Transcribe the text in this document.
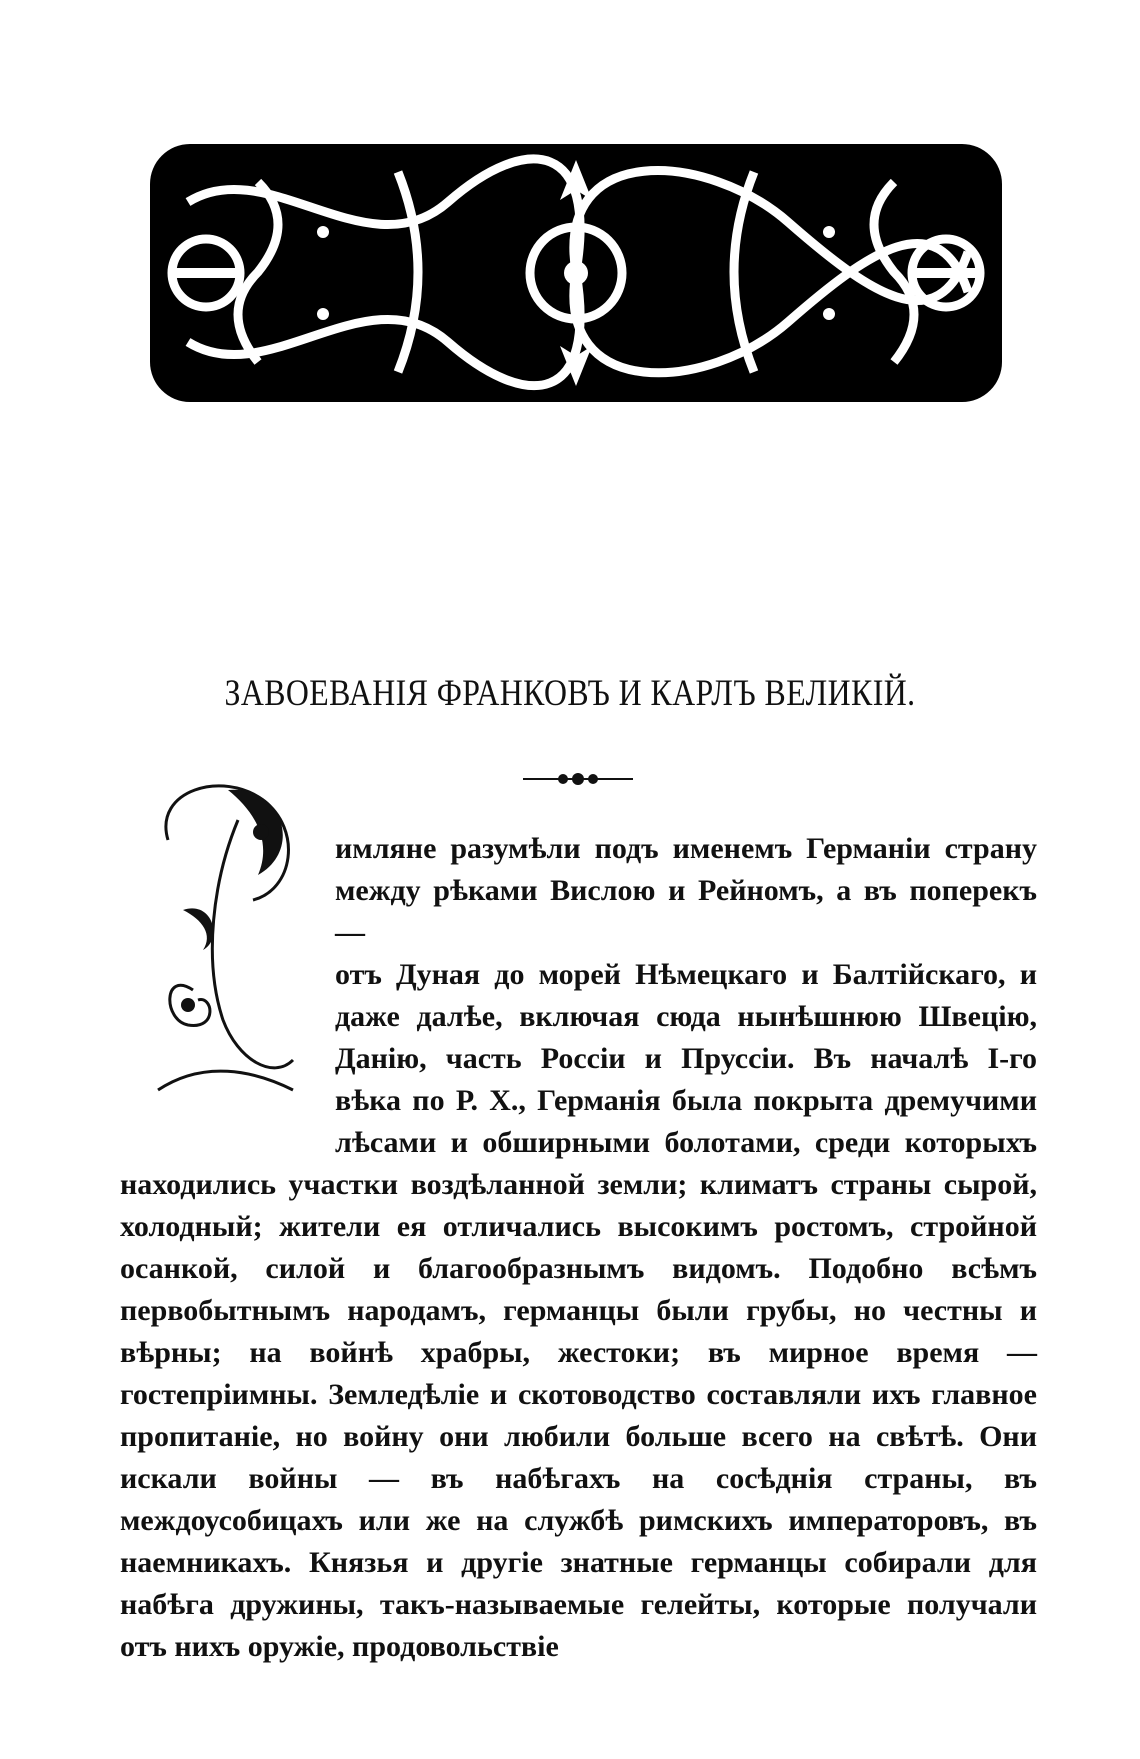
ЗАВОЕВАНІЯ ФРАНКОВЪ И КАРЛЪ ВЕЛИКІЙ.
имляне разумѣли подъ именемъ Германіи страну
между рѣками Вислою и Рейномъ, а въ поперекъ —
отъ Дуная до морей Нѣмецкаго и Балтійскаго, и
даже далѣе, включая сюда нынѣшнюю Швецію,
Данію, часть Россіи и Пруссіи. Въ началѣ I-го
вѣка по Р. Х., Германія была покрыта дремучими
лѣсами и обширными болотами, среди которыхъ
находились участки воздѣланной земли; климатъ страны сырой, холодный; жители ея отличались высокимъ ростомъ, стройной осанкой, силой и благообразнымъ видомъ. Подобно всѣмъ первобытнымъ народамъ, германцы были грубы, но честны и вѣрны; на войнѣ храбры, жестоки; въ мирное время — гостепріимны. Земледѣліе и скотоводство составляли ихъ главное пропитаніе, но войну они любили больше всего на свѣтѣ. Они искали войны — въ набѣгахъ на сосѣднія страны, въ междоусобицахъ или же на службѣ римскихъ императоровъ, въ наемникахъ. Князья и другіе знатные германцы собирали для набѣга дружины, такъ-называемые гелейты, которые получали отъ нихъ оружіе, продовольствіе
